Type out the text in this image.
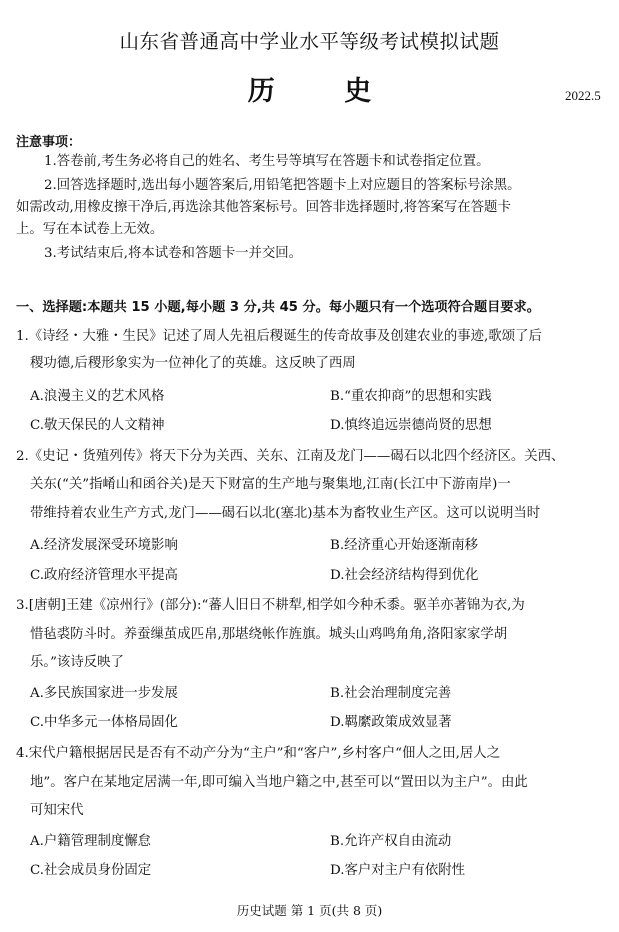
山东省普通高中学业水平等级考试模拟试题
历 史	2022.5
注意事项：
1.答卷前,考生务必将自己的姓名、考生号等填写在答题卡和试卷指定位置。
2.回答选择题时,选出每小题答案后,用铅笔把答题卡上对应题目的答案标号涂黑。
如需改动,用橡皮擦干净后,再选涂其他答案标号。回答非选择题时,将答案写在答题卡
上。写在本试卷上无效。
3.考试结束后,将本试卷和答题卡一并交回。
一、选择题:本题共 15 小题,每小题 3 分,共 45 分。每小题只有一个选项符合题目要求。
1.《诗经・大雅・生民》记述了周人先祖后稷诞生的传奇故事及创建农业的事迹,歌颂了后
稷功德,后稷形象实为一位神化了的英雄。这反映了西周
A.浪漫主义的艺术风格	B.“重农抑商”的思想和实践
C.敬天保民的人文精神	D.慎终追远崇德尚贤的思想
2.《史记・货殖列传》将天下分为关西、关东、江南及龙门——碣石以北四个经济区。关西、
关东(“关”指崤山和函谷关)是天下财富的生产地与聚集地,江南(长江中下游南岸)一
带维持着农业生产方式,龙门——碣石以北(塞北)基本为畜牧业生产区。这可以说明当时
A.经济发展深受环境影响	B.经济重心开始逐渐南移
C.政府经济管理水平提高	D.社会经济结构得到优化
3.[唐朝]王建《凉州行》(部分):“蕃人旧日不耕犁,相学如今种禾黍。驱羊亦著锦为衣,为
惜毡裘防斗时。养蚕缫茧成匹帛,那堪绕帐作旌旗。城头山鸡鸣角角,洛阳家家学胡
乐。”该诗反映了
A.多民族国家进一步发展	B.社会治理制度完善
C.中华多元一体格局固化	D.羁縻政策成效显著
4.宋代户籍根据居民是否有不动产分为“主户”和“客户”,乡村客户“佃人之田,居人之
地”。客户在某地定居满一年,即可编入当地户籍之中,甚至可以“置田以为主户”。由此
可知宋代
A.户籍管理制度懈怠	B.允许产权自由流动
C.社会成员身份固定	D.客户对主户有依附性
历史试题 第 1 页(共 8 页)
